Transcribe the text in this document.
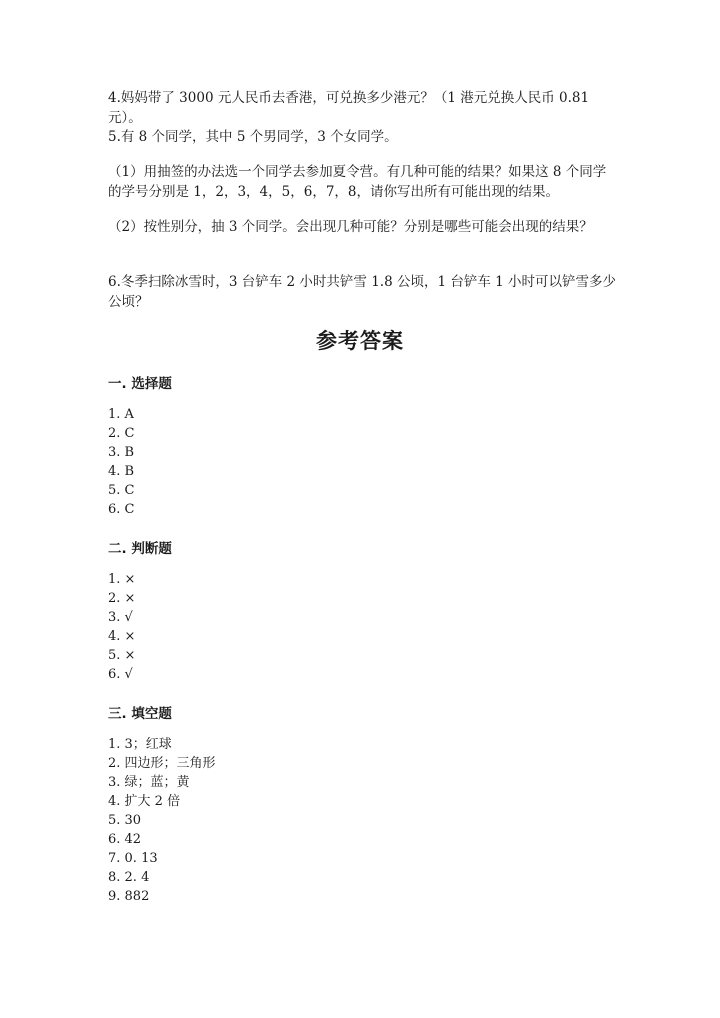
4.妈妈带了 3000 元人民币去香港，可兑换多少港元？（1 港元兑换人民币 0.81 元）。

5.有 8 个同学，其中 5 个男同学，3 个女同学。

（1）用抽签的办法选一个同学去参加夏令营。有几种可能的结果？如果这 8 个同学的学号分别是 1，2，3，4，5，6，7，8，请你写出所有可能出现的结果。

（2）按性别分，抽 3 个同学。会出现几种可能？分别是哪些可能会出现的结果？

6.冬季扫除冰雪时，3 台铲车 2 小时共铲雪 1.8 公顷，1 台铲车 1 小时可以铲雪多少公顷？

参考答案
一. 选择题
1. A
2. C
3. B
4. B
5. C
6. C
二. 判断题
1. ×
2. ×
3. √
4. ×
5. ×
6. √
三. 填空题
1. 3；红球
2. 四边形；三角形
3. 绿；蓝；黄
4. 扩大 2 倍
5. 30
6. 42
7. 0. 13
8. 2. 4
9. 882
